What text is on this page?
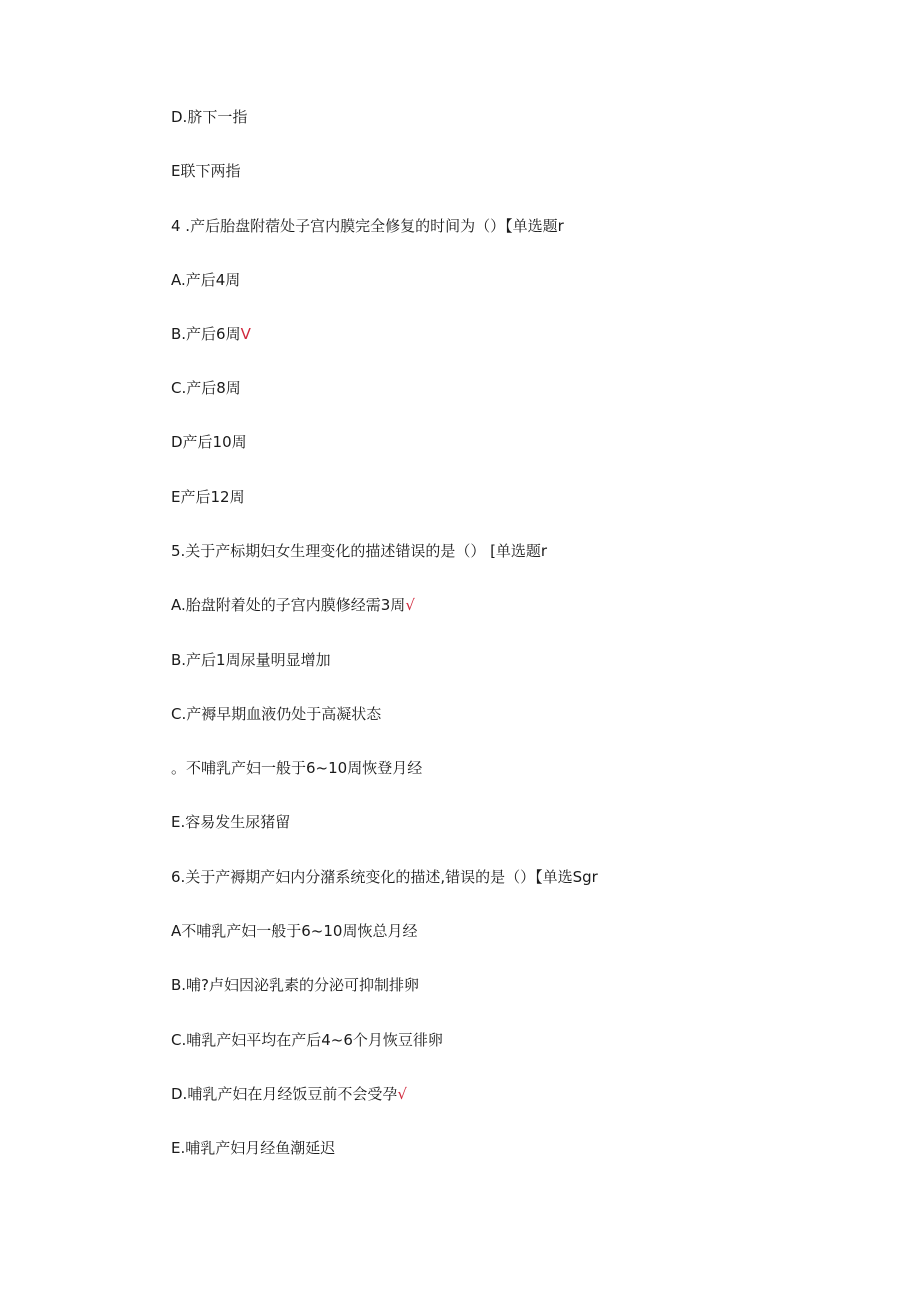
D.脐下一指
E联下两指
4 .产后胎盘附蓿处子宫内膜完全修复的时间为（）【单选题r
A.产后4周
B.产后6周V
C.产后8周
D产后10周
E产后12周
5.关于产标期妇女生理变化的描述错误的是（） [单选题r
A.胎盘附着处的子宫内膜修经需3周√
B.产后1周尿量明显增加
C.产褥早期血液仍处于高凝状态
。不哺乳产妇一般于6~10周恢登月经
E.容易发生尿猪留
6.关于产褥期产妇内分潴系统变化的描述,错误的是（）【单选Sgr
A不哺乳产妇一般于6~10周恢总月经
B.哺?卢妇因泌乳素的分泌可抑制排卵
C.哺乳产妇平均在产后4~6个月恢豆徘卵
D.哺乳产妇在月经饭豆前不会受孕√
E.哺乳产妇月经鱼潮延迟
